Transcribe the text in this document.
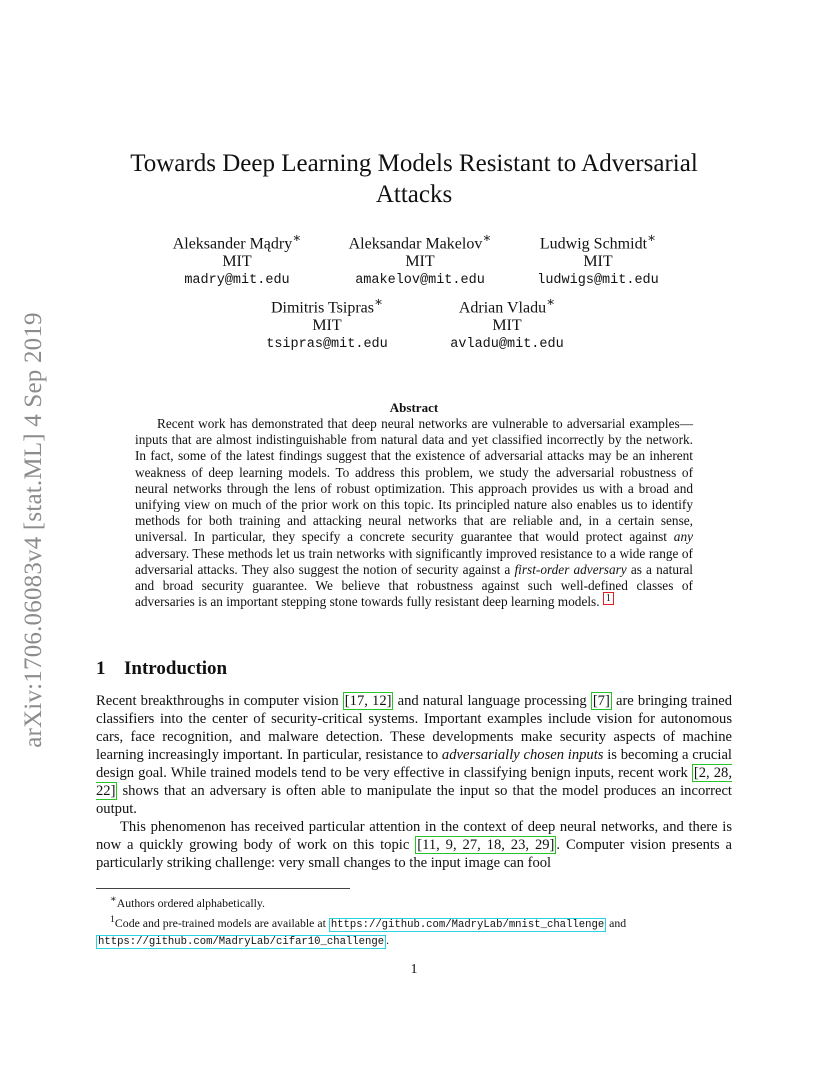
arXiv:1706.06083v4 [stat.ML] 4 Sep 2019
Towards Deep Learning Models Resistant to Adversarial Attacks
Aleksander Mądry∗
MIT
madry@mit.edu
Aleksandar Makelov∗
MIT
amakelov@mit.edu
Ludwig Schmidt∗
MIT
ludwigs@mit.edu
Dimitris Tsipras∗
MIT
tsipras@mit.edu
Adrian Vladu∗
MIT
avladu@mit.edu
Abstract

Recent work has demonstrated that deep neural networks are vulnerable to adversarial examples—inputs that are almost indistinguishable from natural data and yet classified incorrectly by the network. In fact, some of the latest findings suggest that the existence of adversarial attacks may be an inherent weakness of deep learning models. To address this problem, we study the adversarial robustness of neural networks through the lens of robust optimization. This approach provides us with a broad and unifying view on much of the prior work on this topic. Its principled nature also enables us to identify methods for both training and attacking neural networks that are reliable and, in a certain sense, universal. In particular, they specify a concrete security guarantee that would protect against any adversary. These methods let us train networks with significantly improved resistance to a wide range of adversarial attacks. They also suggest the notion of security against a first-order adversary as a natural and broad security guarantee. We believe that robustness against such well-defined classes of adversaries is an important stepping stone towards fully resistant deep learning models. $^1$

1 Introduction

Recent breakthroughs in computer vision [17, 12] and natural language processing [7] are bringing trained classifiers into the center of security-critical systems. Important examples include vision for autonomous cars, face recognition, and malware detection. These developments make security aspects of machine learning increasingly important. In particular, resistance to adversarially chosen inputs is becoming a crucial design goal. While trained models tend to be very effective in classifying benign inputs, recent work [2, 28, 22] shows that an adversary is often able to manipulate the input so that the model produces an incorrect output.

This phenomenon has received particular attention in the context of deep neural networks, and there is now a quickly growing body of work on this topic [11, 9, 27, 18, 23, 29] . Computer vision presents a particularly striking challenge: very small changes to the input image can fool

∗Authors ordered alphabetically.

$^1$Code and pre-trained models are available at https://github.com/MadryLab/mnist_challenge and https://github.com/MadryLab/cifar10_challenge .

1
